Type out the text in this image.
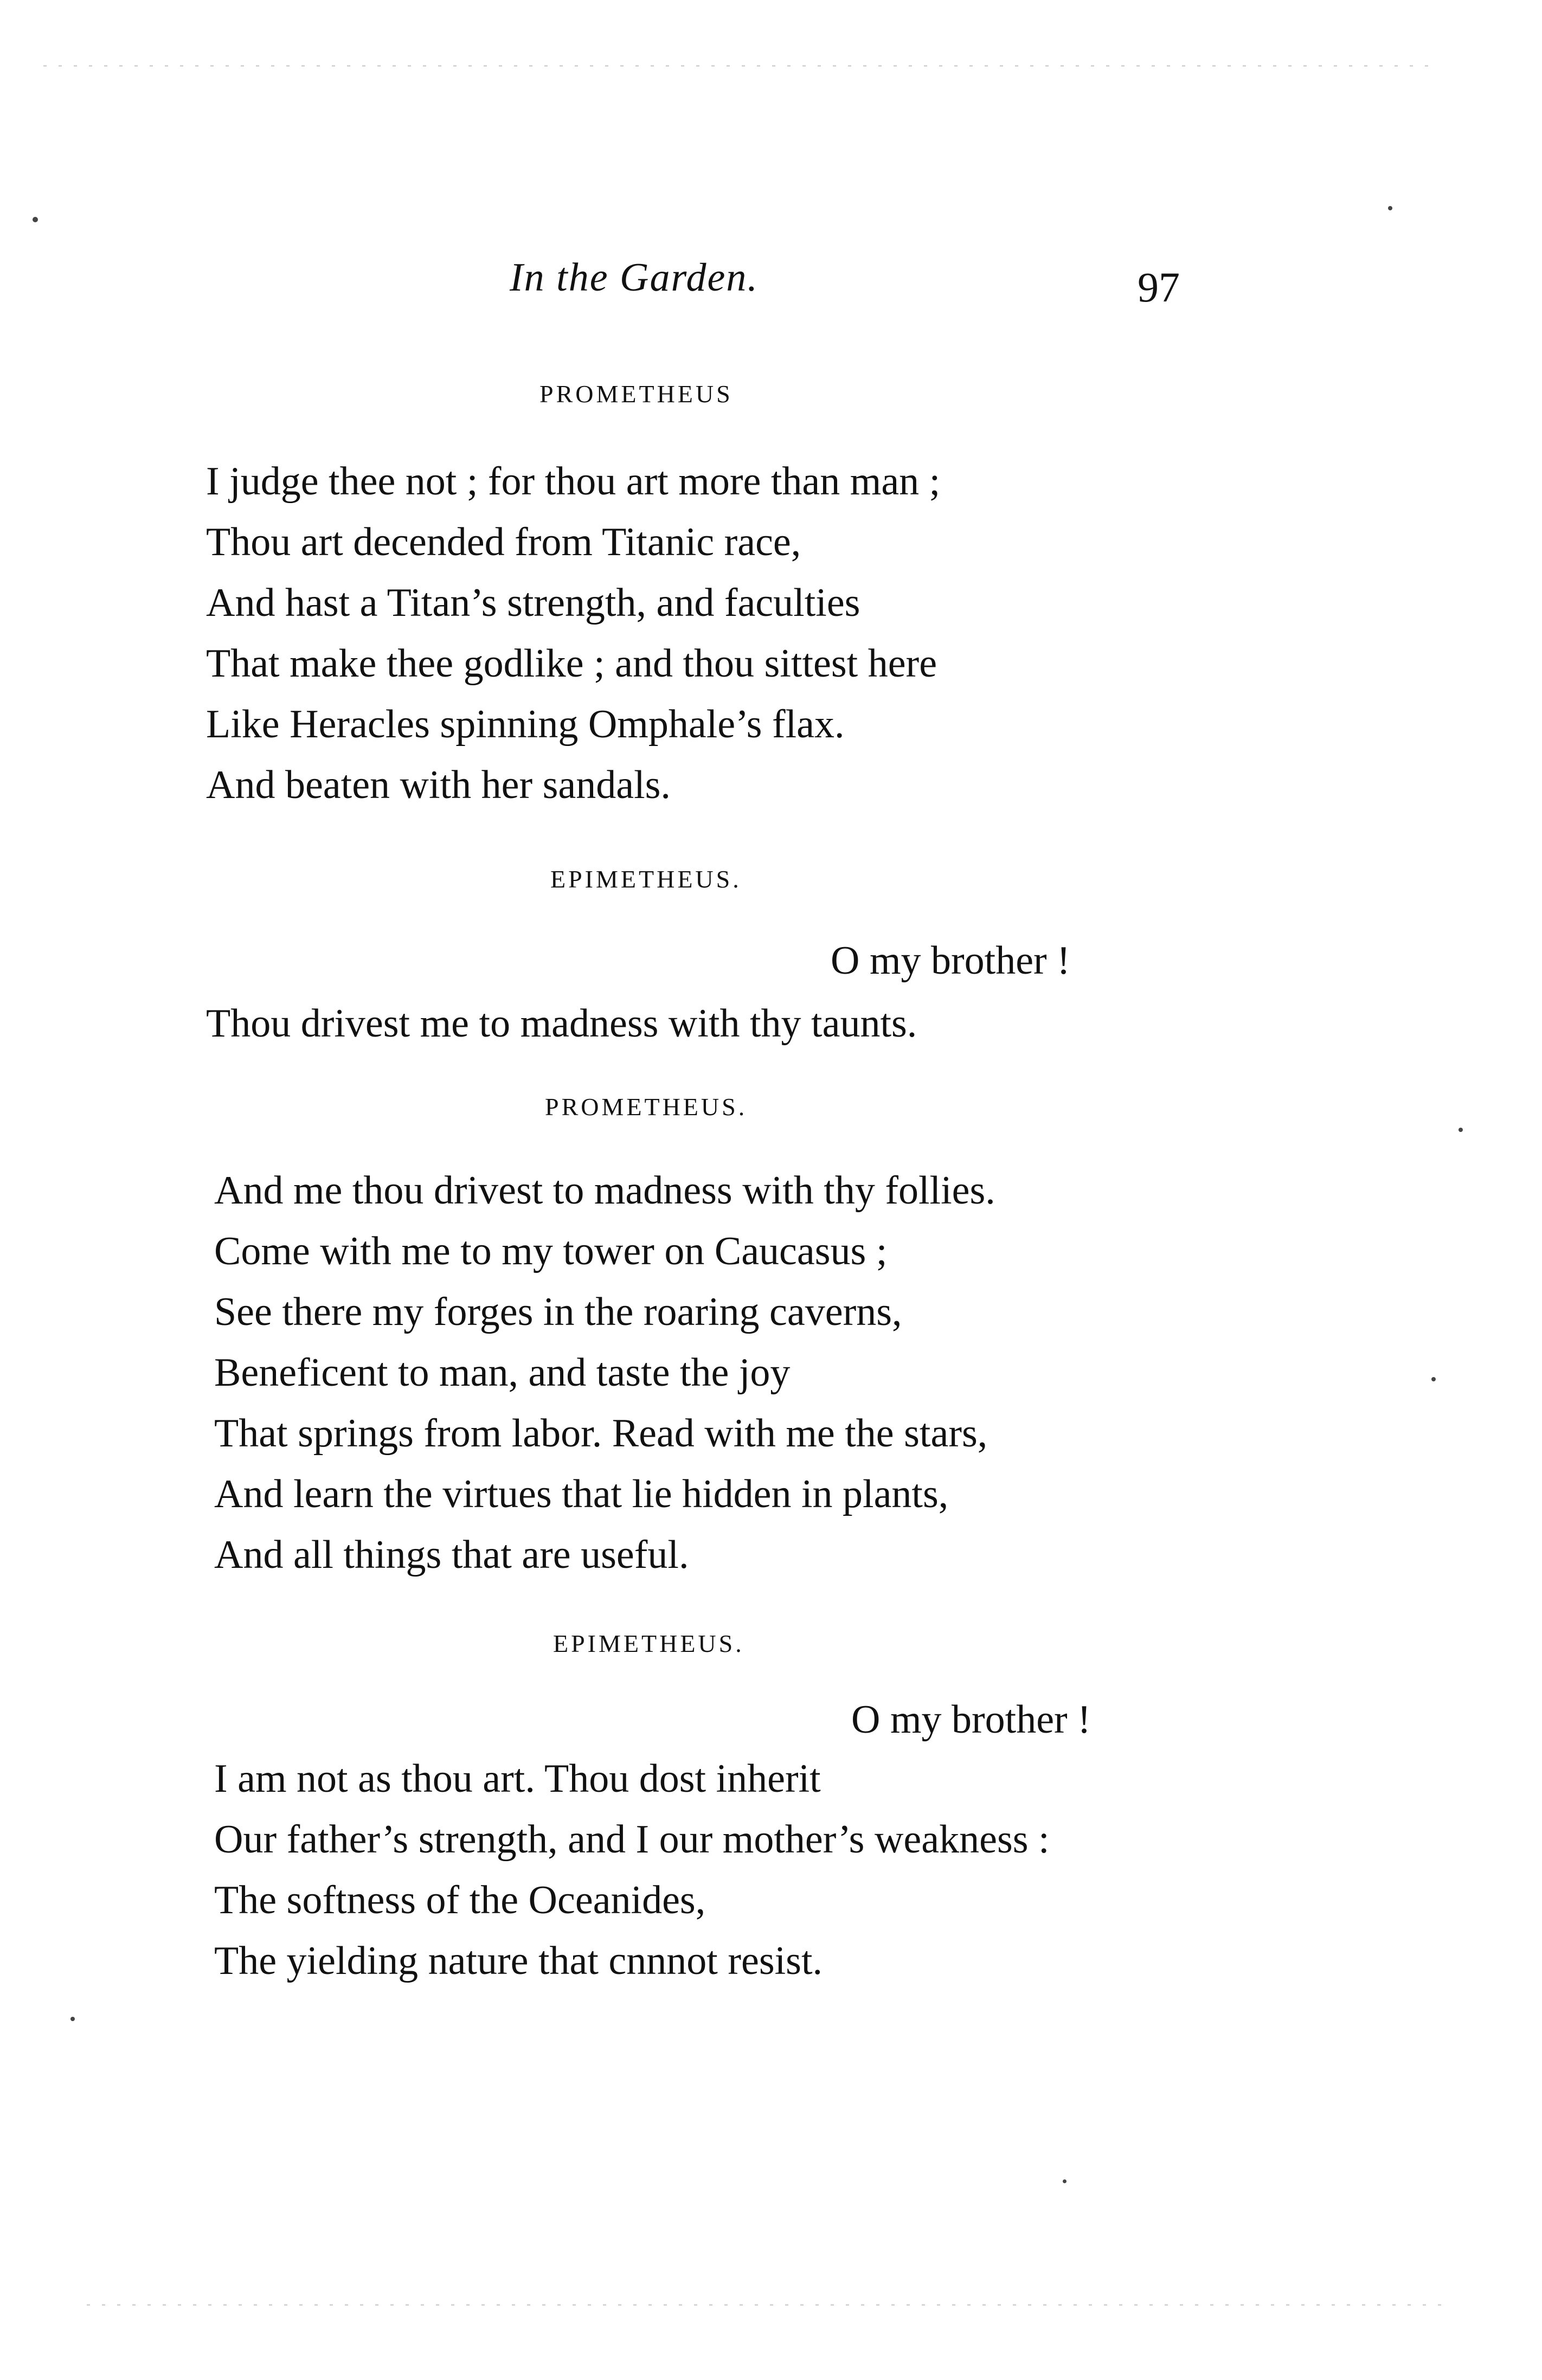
In the Garden.	97
PROMETHEUS
I judge thee not ; for thou art more than man ;
Thou art decended from Titanic race,
And hast a Titan’s strength, and faculties
That make thee godlike ; and thou sittest here
Like Heracles spinning Omphale’s flax.
And beaten with her sandals.
EPIMETHEUS.
O my brother !
Thou drivest me to madness with thy taunts.
PROMETHEUS.
And me thou drivest to madness with thy follies.
Come with me to my tower on Caucasus ;
See there my forges in the roaring caverns,
Beneficent to man, and taste the joy
That springs from labor. Read with me the stars,
And learn the virtues that lie hidden in plants,
And all things that are useful.
EPIMETHEUS.
O my brother !
I am not as thou art. Thou dost inherit
Our father’s strength, and I our mother’s weakness :
The softness of the Oceanides,
The yielding nature that cnnnot resist.
